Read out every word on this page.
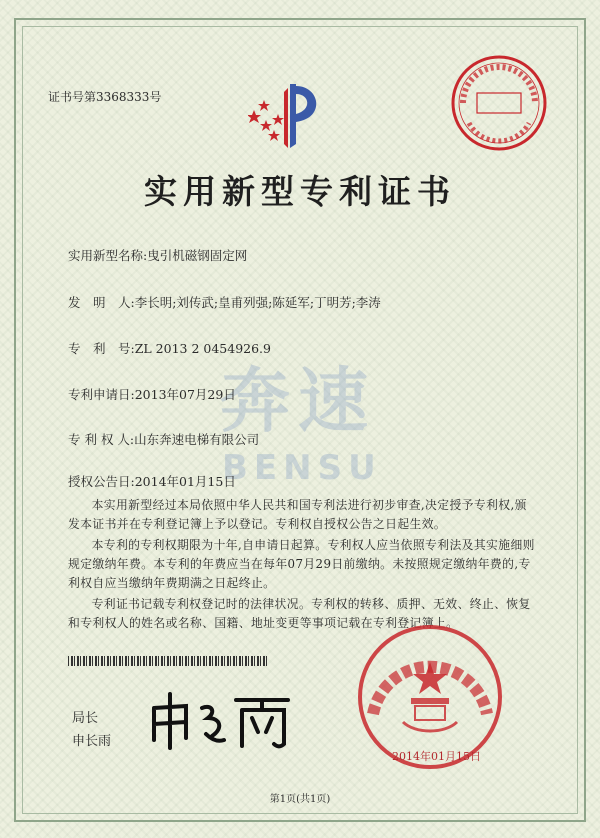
证书号第3368333号
实用新型专利证书
奔速
BENSU
实用新型名称:曳引机磁钢固定网
发　明　人:李长明;刘传武;皇甫列强;陈延军;丁明芳;李涛
专　利　号:ZL 2013 2 0454926.9
专利申请日:2013年07月29日
专 利 权 人:山东奔速电梯有限公司
授权公告日:2014年01月15日

本实用新型经过本局依照中华人民共和国专利法进行初步审查,决定授予专利权,颁发本证书并在专利登记簿上予以登记。专利权自授权公告之日起生效。

本专利的专利权期限为十年,自申请日起算。专利权人应当依照专利法及其实施细则规定缴纳年费。本专利的年费应当在每年07月29日前缴纳。未按照规定缴纳年费的,专利权自应当缴纳年费期满之日起终止。

专利证书记载专利权登记时的法律状况。专利权的转移、质押、无效、终止、恢复和专利权人的姓名或名称、国籍、地址变更等事项记载在专利登记簿上。

局长
申长雨
2014年01月15日
第1页(共1页)
